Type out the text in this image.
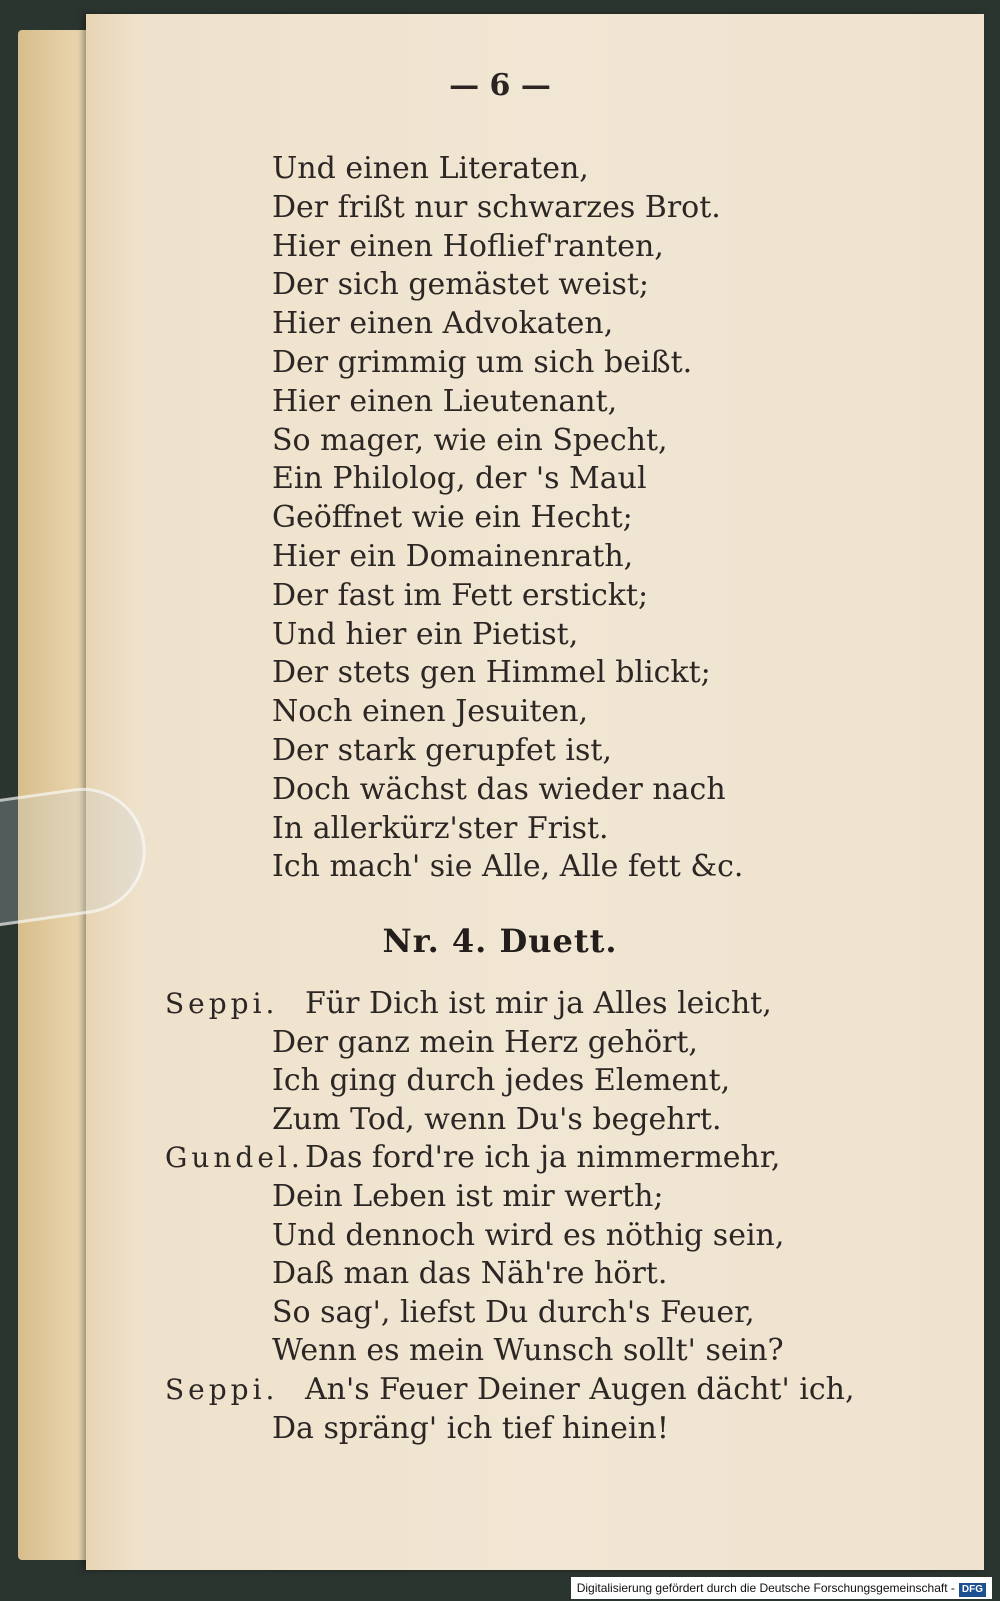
— 6 —
Und einen Literaten,
Der frißt nur schwarzes Brot.
Hier einen Hoflief'ranten,
Der sich gemästet weist;
Hier einen Advokaten,
Der grimmig um sich beißt.
Hier einen Lieutenant,
So mager, wie ein Specht,
Ein Philolog, der 's Maul
Geöffnet wie ein Hecht;
Hier ein Domainenrath,
Der fast im Fett erstickt;
Und hier ein Pietist,
Der stets gen Himmel blickt;
Noch einen Jesuiten,
Der stark gerupfet ist,
Doch wächst das wieder nach
In allerkürz'ster Frist.
Ich mach' sie Alle, Alle fett &c.
Nr. 4. Duett.
Seppi. Für Dich ist mir ja Alles leicht,
Der ganz mein Herz gehört,
Ich ging durch jedes Element,
Zum Tod, wenn Du's begehrt.
Gundel. Das ford're ich ja nimmermehr,
Dein Leben ist mir werth;
Und dennoch wird es nöthig sein,
Daß man das Näh're hört.
So sag', liefst Du durch's Feuer,
Wenn es mein Wunsch sollt' sein?
Seppi. An's Feuer Deiner Augen dächt' ich,
Da spräng' ich tief hinein!
Digitalisierung gefördert durch die Deutsche Forschungsgemeinschaft - DFG
